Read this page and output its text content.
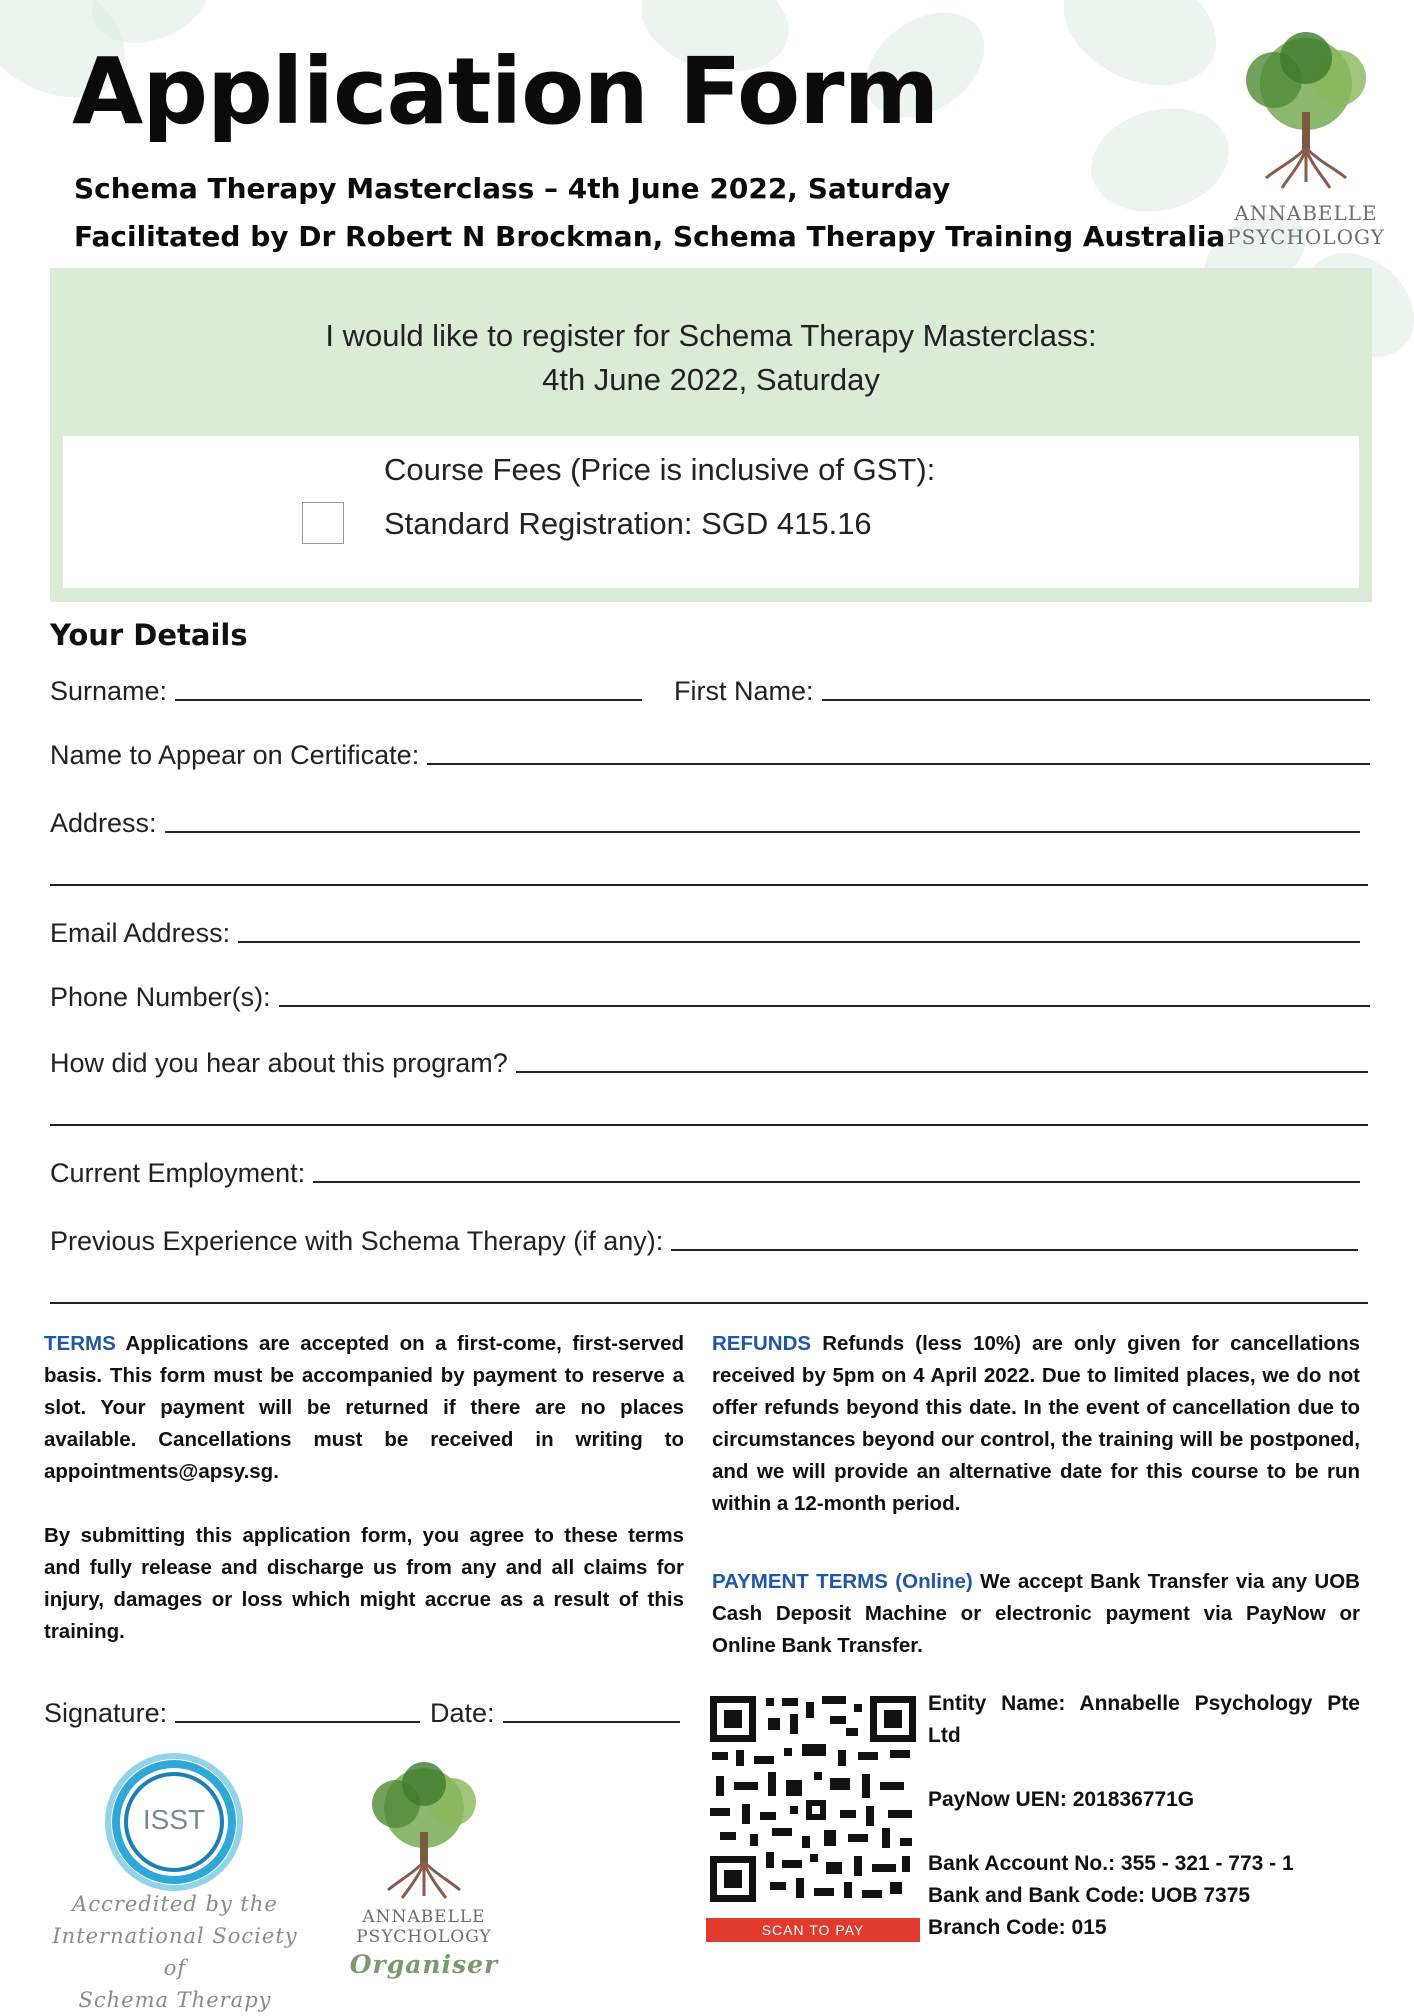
Application Form
Schema Therapy Masterclass – 4th June 2022, Saturday
Facilitated by Dr Robert N Brockman, Schema Therapy Training Australia
ANNABELLE
PSYCHOLOGY
I would like to register for Schema Therapy Masterclass:
4th June 2022, Saturday
Course Fees (Price is inclusive of GST):
Standard Registration: SGD 415.16
Your Details
Surname:	First Name:
Name to Appear on Certificate:
Address:
Email Address:
Phone Number(s):
How did you hear about this program?
Current Employment:
Previous Experience with Schema Therapy (if any):
TERMS Applications are accepted on a first-come, first-served basis. This form must be accompanied by payment to reserve a slot. Your payment will be returned if there are no places available. Cancellations must be received in writing to appointments@apsy.sg.
By submitting this application form, you agree to these terms and fully release and discharge us from any and all claims for injury, damages or loss which might accrue as a result of this training.
REFUNDS Refunds (less 10%) are only given for cancellations received by 5pm on 4 April 2022. Due to limited places, we do not offer refunds beyond this date. In the event of cancellation due to circumstances beyond our control, the training will be postponed, and we will provide an alternative date for this course to be run within a 12-month period.
PAYMENT TERMS (Online) We accept Bank Transfer via any UOB Cash Deposit Machine or electronic payment via PayNow or Online Bank Transfer.
Signature:	Date:
SCAN TO PAY
Entity Name: Annabelle Psychology Pte Ltd
PayNow UEN: 201836771G
Bank Account No.: 355 - 321 - 773 - 1
Bank and Bank Code: UOB 7375
Branch Code: 015
ISST
Accredited by the
International Society of
Schema Therapy
ANNABELLE
PSYCHOLOGY
Organiser
